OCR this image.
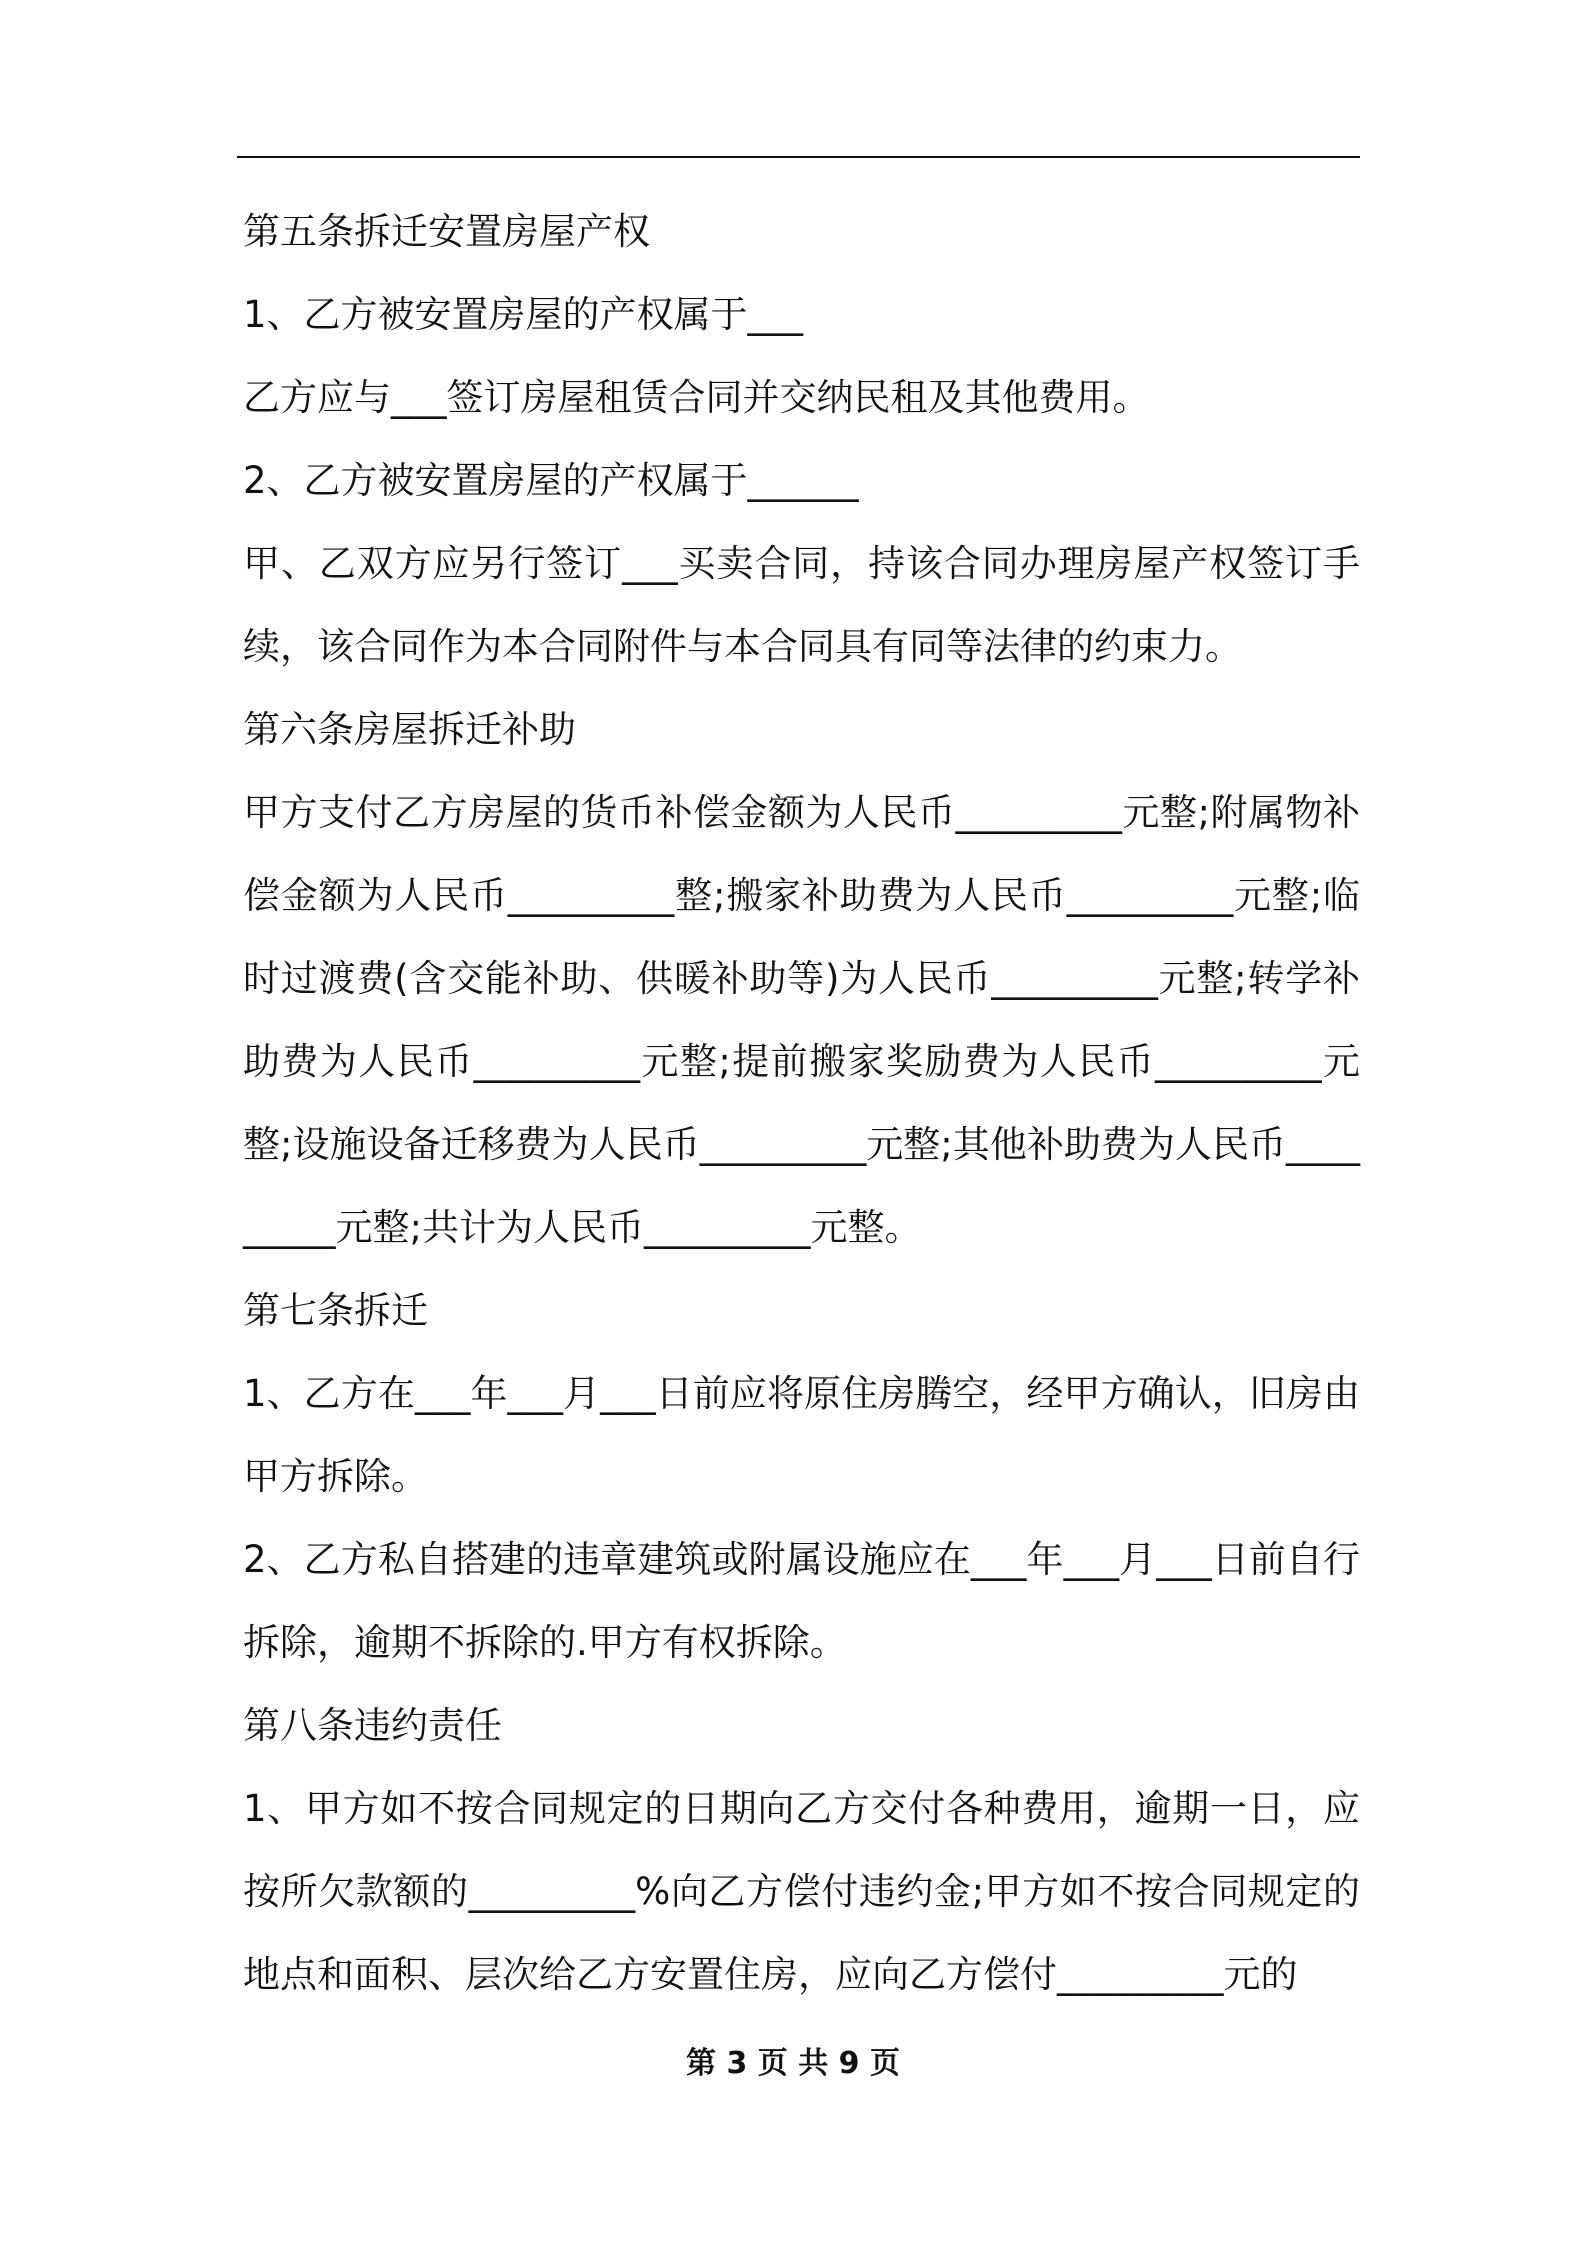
第五条拆迁安置房屋产权

1、乙方被安置房屋的产权属于___

乙方应与___签订房屋租赁合同并交纳民租及其他费用。

2、乙方被安置房屋的产权属于______

甲、乙双方应另行签订___买卖合同，持该合同办理房屋产权签订手续，该合同作为本合同附件与本合同具有同等法律的约束力。

第六条房屋拆迁补助

甲方支付乙方房屋的货币补偿金额为人民币_________元整;附属物补偿金额为人民币_________整;搬家补助费为人民币_________元整;临时过渡费(含交能补助、供暖补助等)为人民币_________元整;转学补助费为人民币_________元整;提前搬家奖励费为人民币_________元整;设施设备迁移费为人民币_________元整;其他补助费为人民币_________元整;共计为人民币_________元整。

第七条拆迁

1、乙方在___年___月___日前应将原住房腾空，经甲方确认，旧房由甲方拆除。

2、乙方私自搭建的违章建筑或附属设施应在___年___月___日前自行拆除，逾期不拆除的.甲方有权拆除。

第八条违约责任

1、甲方如不按合同规定的日期向乙方交付各种费用，逾期一日，应按所欠款额的_________%向乙方偿付违约金;甲方如不按合同规定的地点和面积、层次给乙方安置住房，应向乙方偿付_________元的

第 3 页 共 9 页
